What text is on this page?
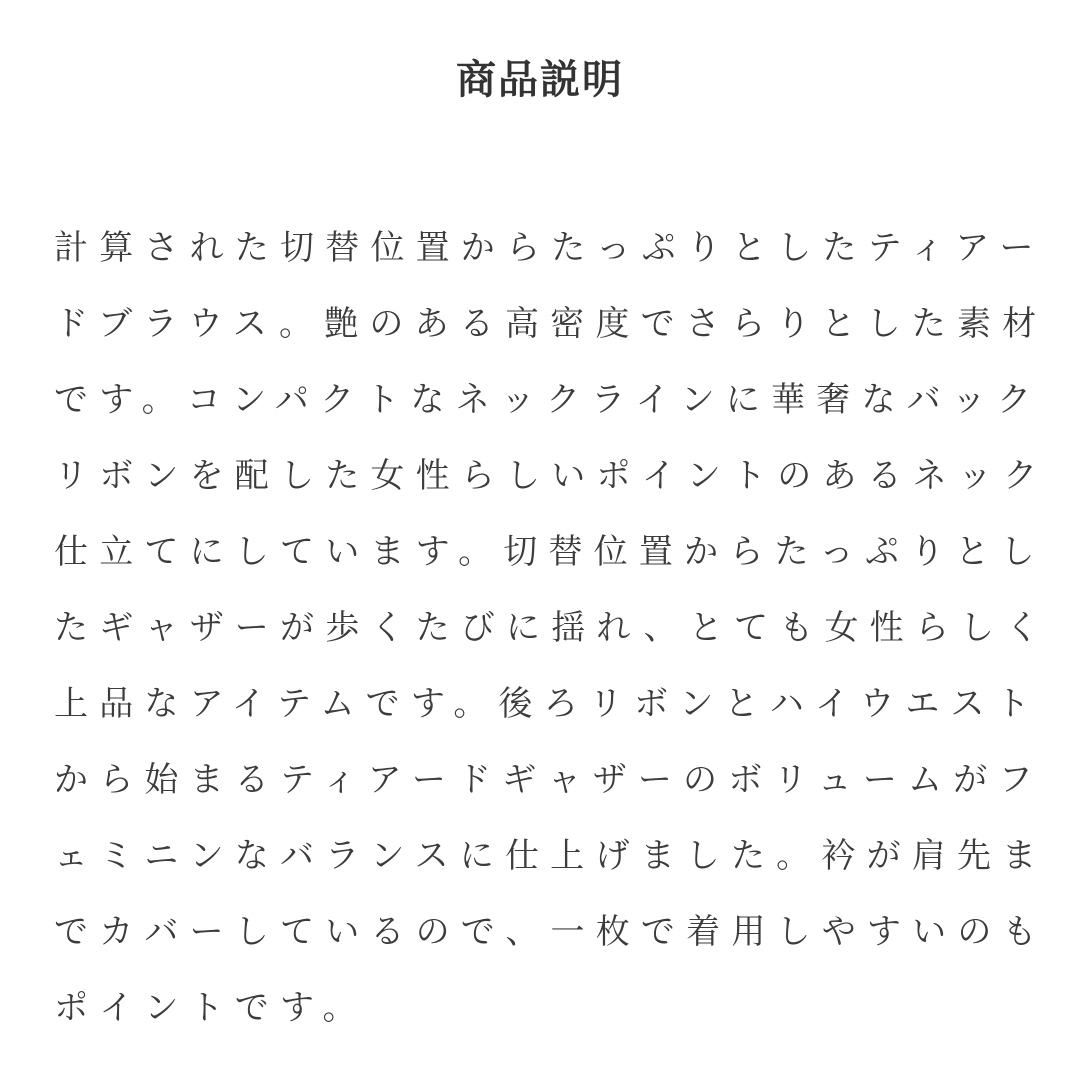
商品説明
計算された切替位置からたっぷりとしたティアー
ドブラウス。艶のある高密度でさらりとした素材
です。コンパクトなネックラインに華奢なバック
リボンを配した女性らしいポイントのあるネック
仕立てにしています。切替位置からたっぷりとし
たギャザーが歩くたびに揺れ、とても女性らしく
上品なアイテムです。後ろリボンとハイウエスト
から始まるティアードギャザーのボリュームがフ
ェミニンなバランスに仕上げました。衿が肩先ま
でカバーしているので、一枚で着用しやすいのも
ポイントです。
